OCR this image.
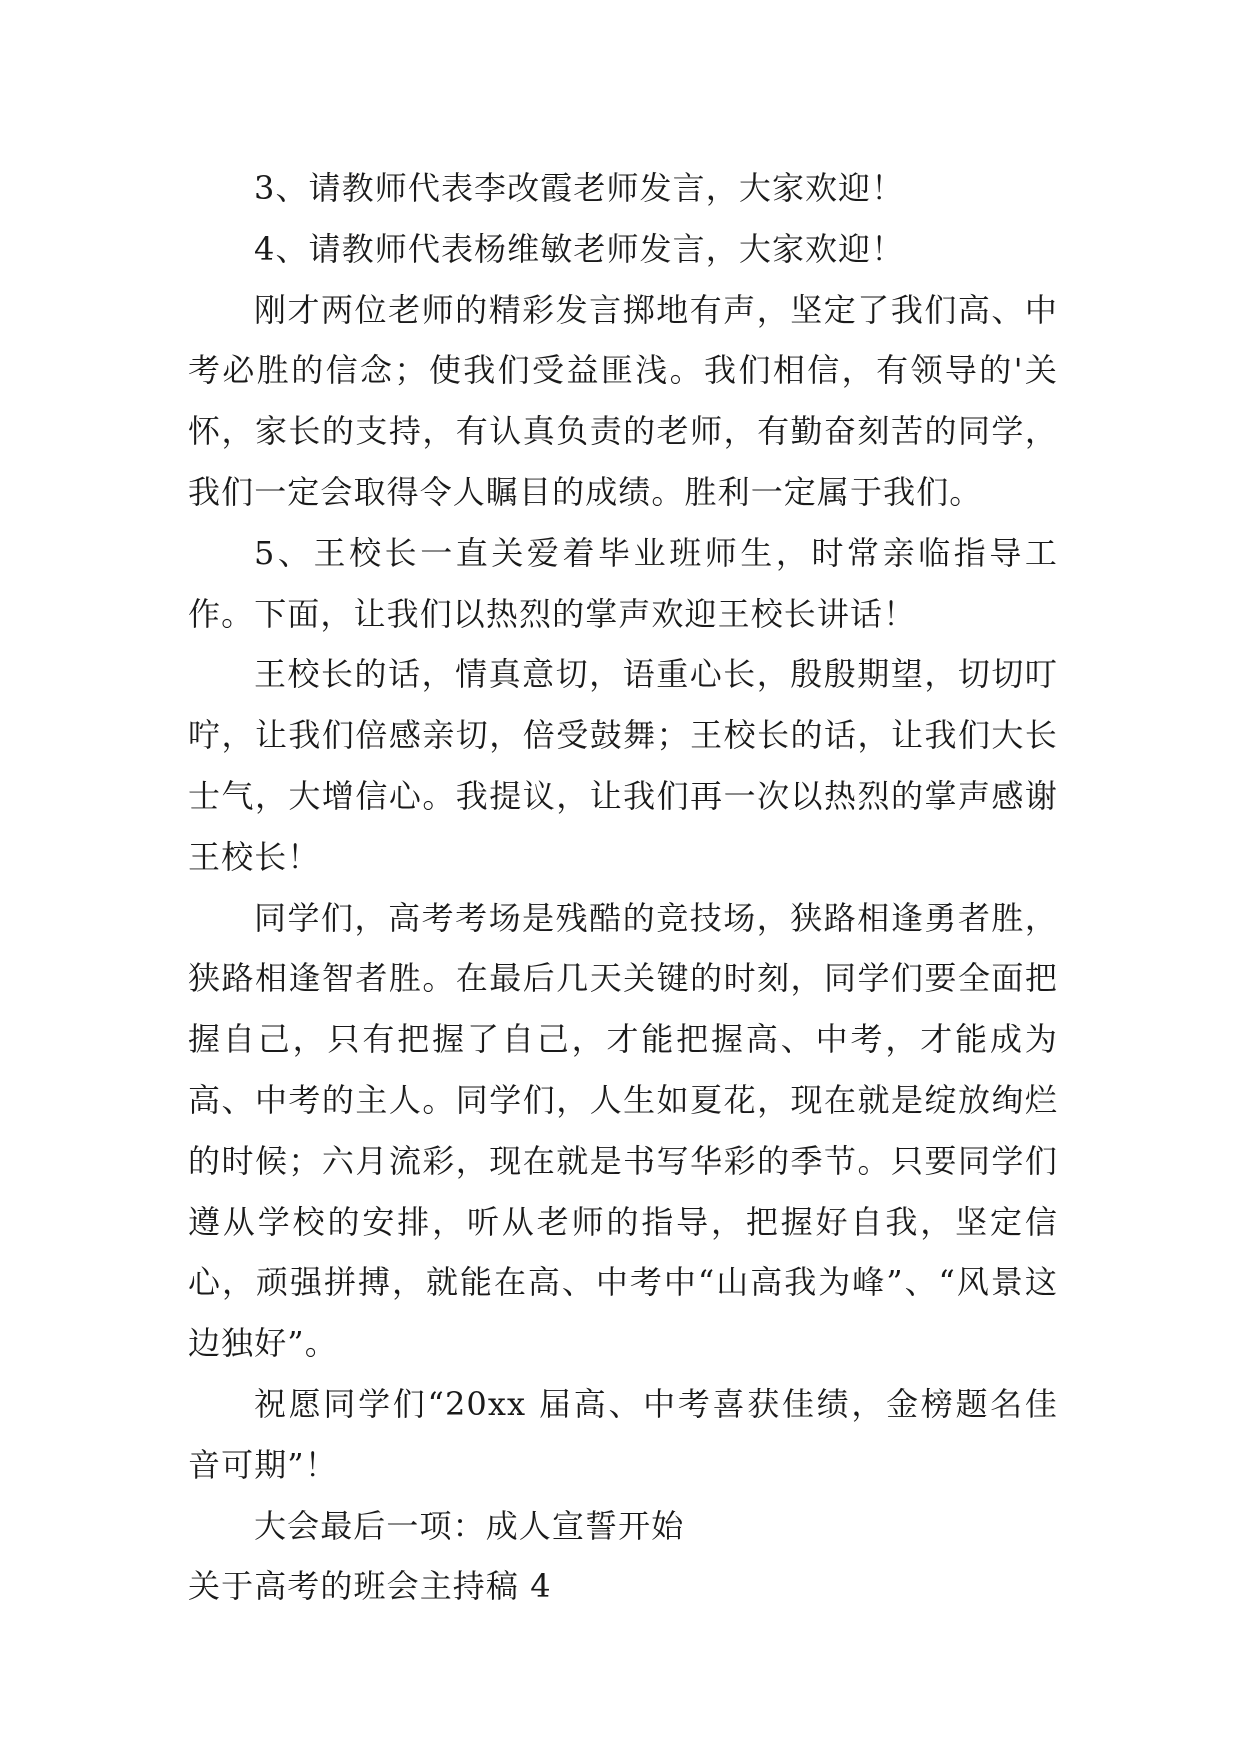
3、请教师代表李改霞老师发言，大家欢迎！

4、请教师代表杨维敏老师发言，大家欢迎！

刚才两位老师的精彩发言掷地有声，坚定了我们高、中考必胜的信念；使我们受益匪浅。我们相信，有领导的'关怀，家长的支持，有认真负责的老师，有勤奋刻苦的同学，我们一定会取得令人瞩目的成绩。胜利一定属于我们。

5、王校长一直关爱着毕业班师生，时常亲临指导工作。下面，让我们以热烈的掌声欢迎王校长讲话！

王校长的话，情真意切，语重心长，殷殷期望，切切叮咛，让我们倍感亲切，倍受鼓舞；王校长的话，让我们大长士气，大增信心。我提议，让我们再一次以热烈的掌声感谢王校长！

同学们，高考考场是残酷的竞技场，狭路相逢勇者胜，狭路相逢智者胜。在最后几天关键的时刻，同学们要全面把握自己，只有把握了自己，才能把握高、中考，才能成为高、中考的主人。同学们，人生如夏花，现在就是绽放绚烂的时候；六月流彩，现在就是书写华彩的季节。只要同学们遵从学校的安排，听从老师的指导，把握好自我，坚定信心，顽强拼搏，就能在高、中考中“山高我为峰”、“风景这边独好”。

祝愿同学们“20xx 届高、中考喜获佳绩，金榜题名佳音可期”！

大会最后一项：成人宣誓开始

关于高考的班会主持稿 4
